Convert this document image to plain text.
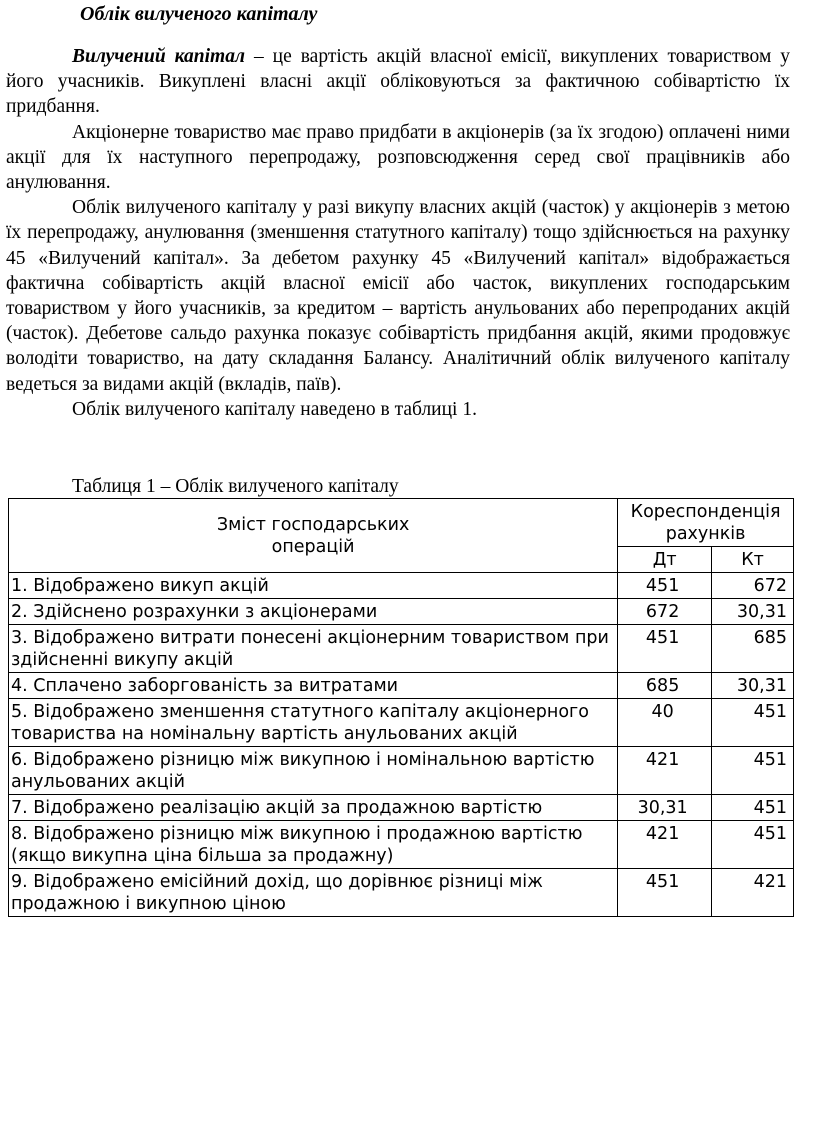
Облік вилученого капіталу

Вилучений капітал – це вартість акцій власної емісії, викуплених товариством у його учасників. Викуплені власні акції обліковуються за фактичною собівартістю їх придбання.

Акціонерне товариство має право придбати в акціонерів (за їх згодою) оплачені ними акції для їх наступного перепродажу, розповсюдження серед свої працівників або анулювання.

Облік вилученого капіталу у разі викупу власних акцій (часток) у акціонерів з метою їх перепродажу, анулювання (зменшення статутного капіталу) тощо здійснюється на рахунку 45 «Вилучений капітал». За дебетом рахунку 45 «Вилучений капітал» відображається фактична собівартість акцій власної емісії або часток, викуплених господарським товариством у його учасників, за кредитом – вартість анульованих або перепроданих акцій (часток). Дебетове сальдо рахунка показує собівартість придбання акцій, якими продовжує володіти товариство, на дату складання Балансу. Аналітичний облік вилученого капіталу ведеться за видами акцій (вкладів, паїв).

Облік вилученого капіталу наведено в таблиці 1.

Таблиця 1 – Облік вилученого капіталу
Зміст господарських операцій	Кореспонденція рахунків	
	Дт	Кт
1. Відображено викуп акцій	451	672
2. Здійснено розрахунки з акціонерами	672	30,31
3. Відображено витрати понесені акціонерним товариством при здійсненні викупу акцій	451	685
4. Сплачено заборгованість за витратами	685	30,31
5. Відображено зменшення статутного капіталу акціонерного товариства на номінальну вартість анульованих акцій	40	451
6. Відображено різницю між викупною і номінальною вартістю анульованих акцій	421	451
7. Відображено реалізацію акцій за продажною вартістю	30,31	451
8. Відображено різницю між викупною і продажною вартістю (якщо викупна ціна більша за продажну)	421	451
9. Відображено емісійний дохід, що дорівнює різниці між продажною і викупною ціною	451	421
